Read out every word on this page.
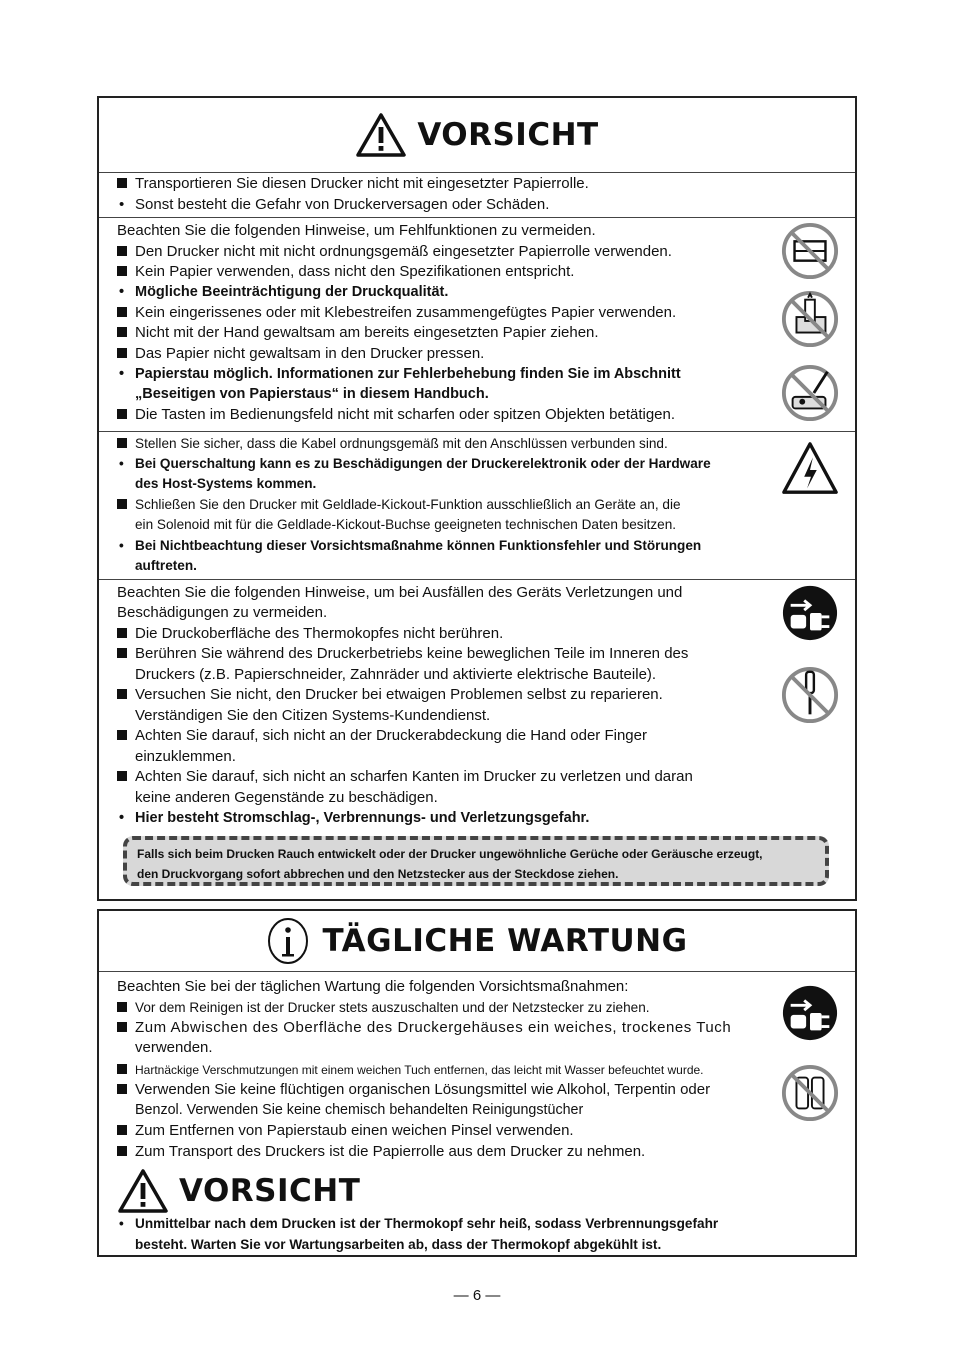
VORSICHT
Transportieren Sie diesen Drucker nicht mit eingesetzter Papierrolle.
• Sonst besteht die Gefahr von Druckerversagen oder Schäden.
Beachten Sie die folgenden Hinweise, um Fehlfunktionen zu vermeiden.
Den Drucker nicht mit nicht ordnungsgemäß eingesetzter Papierrolle verwenden.
Kein Papier verwenden, dass nicht den Spezifikationen entspricht.
• Mögliche Beeinträchtigung der Druckqualität.
Kein eingerissenes oder mit Klebestreifen zusammengefügtes Papier verwenden.
Nicht mit der Hand gewaltsam am bereits eingesetzten Papier ziehen.
Das Papier nicht gewaltsam in den Drucker pressen.
• Papierstau möglich. Informationen zur Fehlerbehebung finden Sie im Abschnitt
„Beseitigen von Papierstaus“ in diesem Handbuch.
Die Tasten im Bedienungsfeld nicht mit scharfen oder spitzen Objekten betätigen.
Stellen Sie sicher, dass die Kabel ordnungsgemäß mit den Anschlüssen verbunden sind.
• Bei Querschaltung kann es zu Beschädigungen der Druckerelektronik oder der Hardware
des Host-Systems kommen.
Schließen Sie den Drucker mit Geldlade-Kickout-Funktion ausschließlich an Geräte an, die
ein Solenoid mit für die Geldlade-Kickout-Buchse geeigneten technischen Daten besitzen.
• Bei Nichtbeachtung dieser Vorsichtsmaßnahme können Funktionsfehler und Störungen
auftreten.
Beachten Sie die folgenden Hinweise, um bei Ausfällen des Geräts Verletzungen und
Beschädigungen zu vermeiden.
Die Druckoberfläche des Thermokopfes nicht berühren.
Berühren Sie während des Druckerbetriebs keine beweglichen Teile im Inneren des
Druckers (z.B. Papierschneider, Zahnräder und aktivierte elektrische Bauteile).
Versuchen Sie nicht, den Drucker bei etwaigen Problemen selbst zu reparieren.
Verständigen Sie den Citizen Systems-Kundendienst.
Achten Sie darauf, sich nicht an der Druckerabdeckung die Hand oder Finger
einzuklemmen.
Achten Sie darauf, sich nicht an scharfen Kanten im Drucker zu verletzen und daran
keine anderen Gegenstände zu beschädigen.
• Hier besteht Stromschlag-, Verbrennungs- und Verletzungsgefahr.
Falls sich beim Drucken Rauch entwickelt oder der Drucker ungewöhnliche Gerüche oder Geräusche erzeugt,
den Druckvorgang sofort abbrechen und den Netzstecker aus der Steckdose ziehen.
TÄGLICHE WARTUNG
Beachten Sie bei der täglichen Wartung die folgenden Vorsichtsmaßnahmen:
Vor dem Reinigen ist der Drucker stets auszuschalten und der Netzstecker zu ziehen.
Zum Abwischen des Oberfläche des Druckergehäuses ein weiches, trockenes Tuch
verwenden.
Hartnäckige Verschmutzungen mit einem weichen Tuch entfernen, das leicht mit Wasser befeuchtet wurde.
Verwenden Sie keine flüchtigen organischen Lösungsmittel wie Alkohol, Terpentin oder
Benzol. Verwenden Sie keine chemisch behandelten Reinigungstücher
Zum Entfernen von Papierstaub einen weichen Pinsel verwenden.
Zum Transport des Druckers ist die Papierrolle aus dem Drucker zu nehmen.
VORSICHT
• Unmittelbar nach dem Drucken ist der Thermokopf sehr heiß, sodass Verbrennungsgefahr
besteht. Warten Sie vor Wartungsarbeiten ab, dass der Thermokopf abgekühlt ist.
— 6 —
